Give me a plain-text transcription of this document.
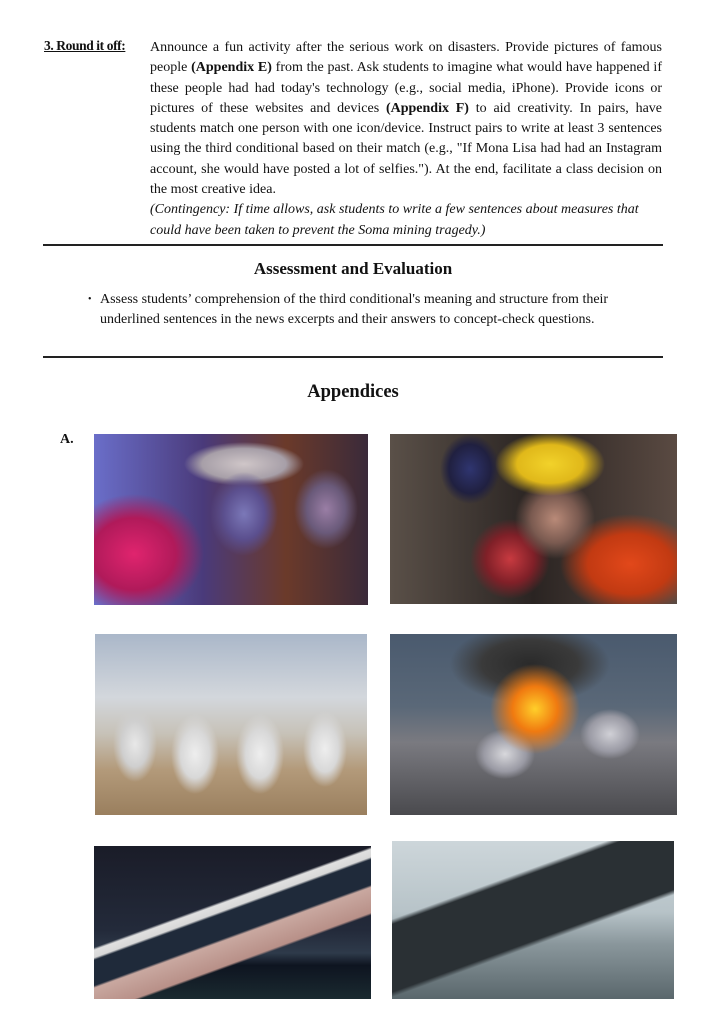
3. Round it off: Announce a fun activity after the serious work on disasters. Provide pictures of famous people (Appendix E) from the past. Ask students to imagine what would have happened if these people had had today's technology (e.g., social media, iPhone). Provide icons or pictures of these websites and devices (Appendix F) to aid creativity. In pairs, have students match one person with one icon/device. Instruct pairs to write at least 3 sentences using the third conditional based on their match (e.g., "If Mona Lisa had had an Instagram account, she would have posted a lot of selfies."). At the end, facilitate a class decision on the most creative idea.
(Contingency: If time allows, ask students to write a few sentences about measures that could have been taken to prevent the Soma mining tragedy.)
Assessment and Evaluation
• Assess students’ comprehension of the third conditional's meaning and structure from their underlined sentences in the news excerpts and their answers to concept-check questions.
Appendices
A.
